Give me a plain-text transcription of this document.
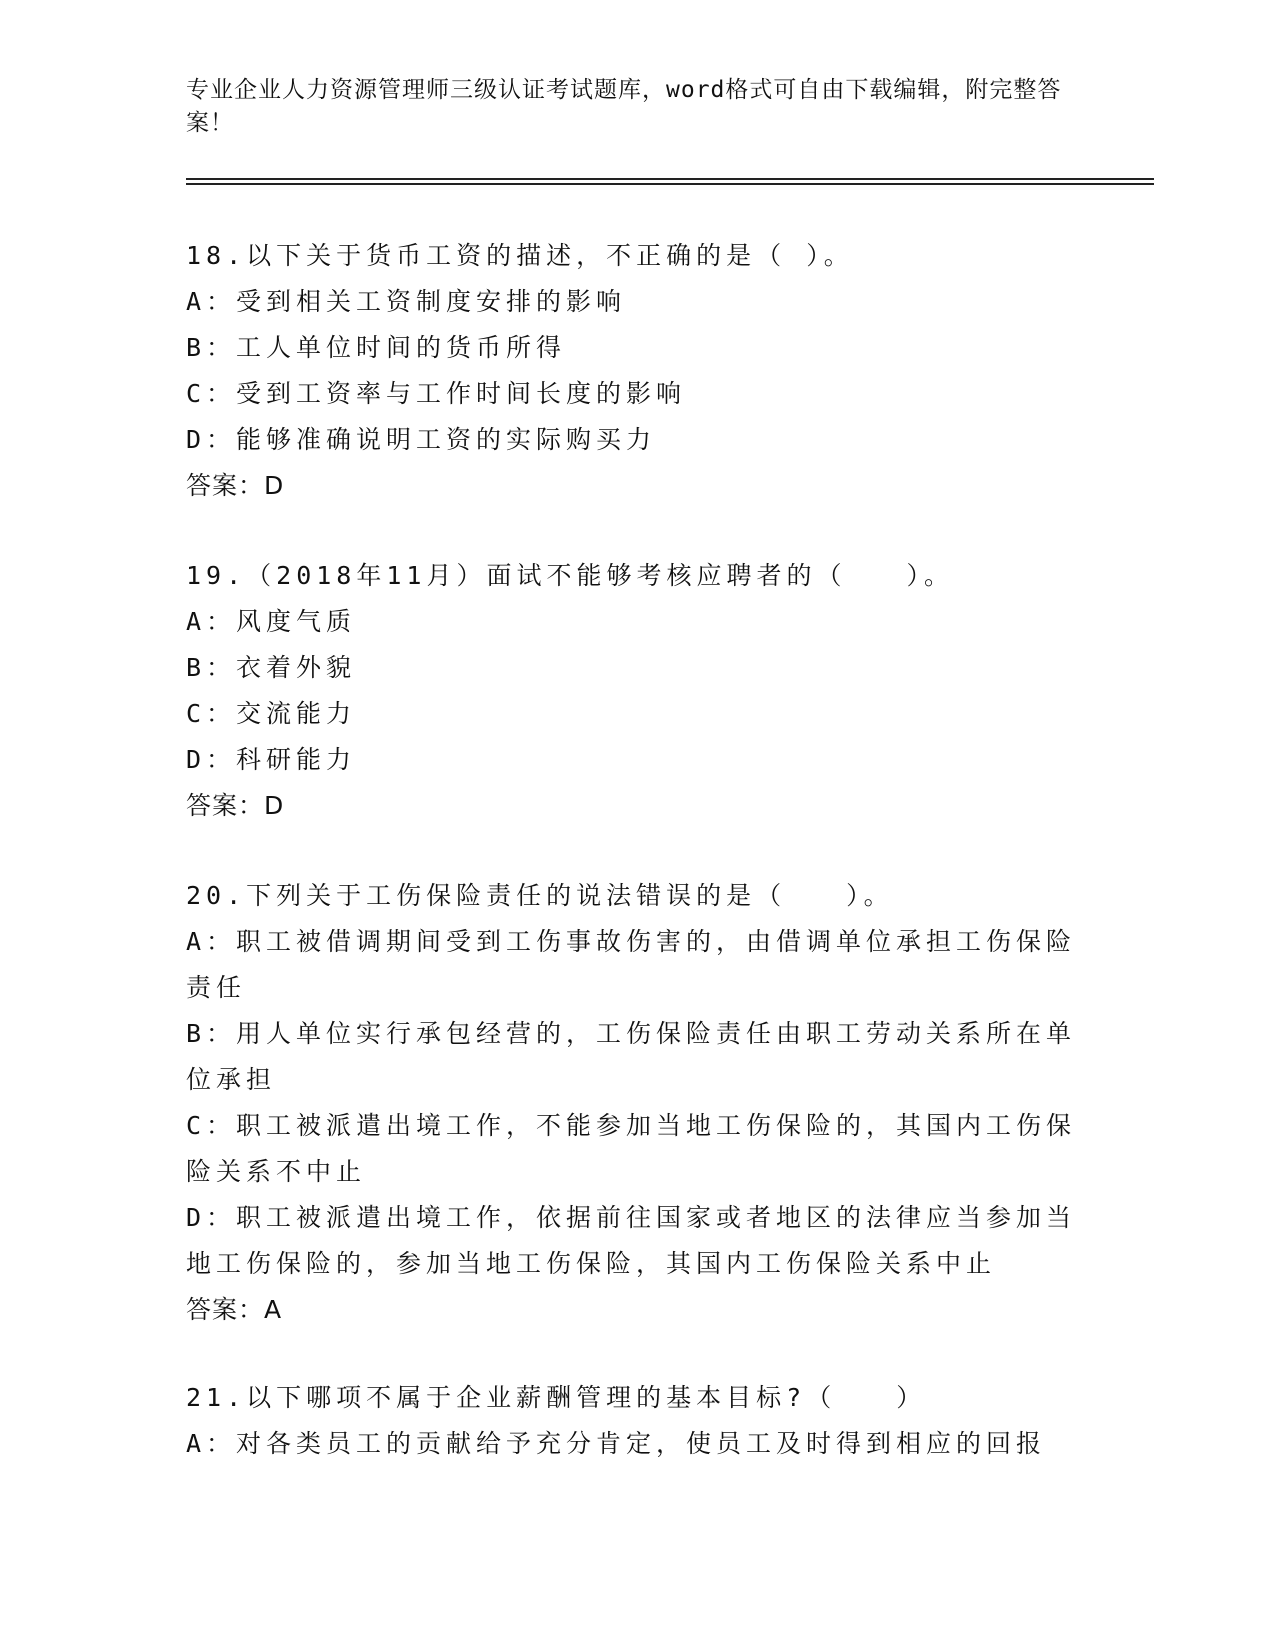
专业企业人力资源管理师三级认证考试题库，word格式可自由下载编辑，附完整答案！

18.以下关于货币工资的描述，不正确的是（ ）。

A：受到相关工资制度安排的影响

B：工人单位时间的货币所得

C：受到工资率与工作时间长度的影响

D：能够准确说明工资的实际购买力

答案：D

19.（2018年11月）面试不能够考核应聘者的（　　）。

A：风度气质

B：衣着外貌

C：交流能力

D：科研能力

答案：D

20.下列关于工伤保险责任的说法错误的是（　　）。

A：职工被借调期间受到工伤事故伤害的，由借调单位承担工伤保险责任

B：用人单位实行承包经营的，工伤保险责任由职工劳动关系所在单位承担

C：职工被派遣出境工作，不能参加当地工伤保险的，其国内工伤保险关系不中止

D：职工被派遣出境工作，依据前往国家或者地区的法律应当参加当地工伤保险的，参加当地工伤保险，其国内工伤保险关系中止

答案：A

21.以下哪项不属于企业薪酬管理的基本目标?（　　）

A：对各类员工的贡献给予充分肯定，使员工及时得到相应的回报
